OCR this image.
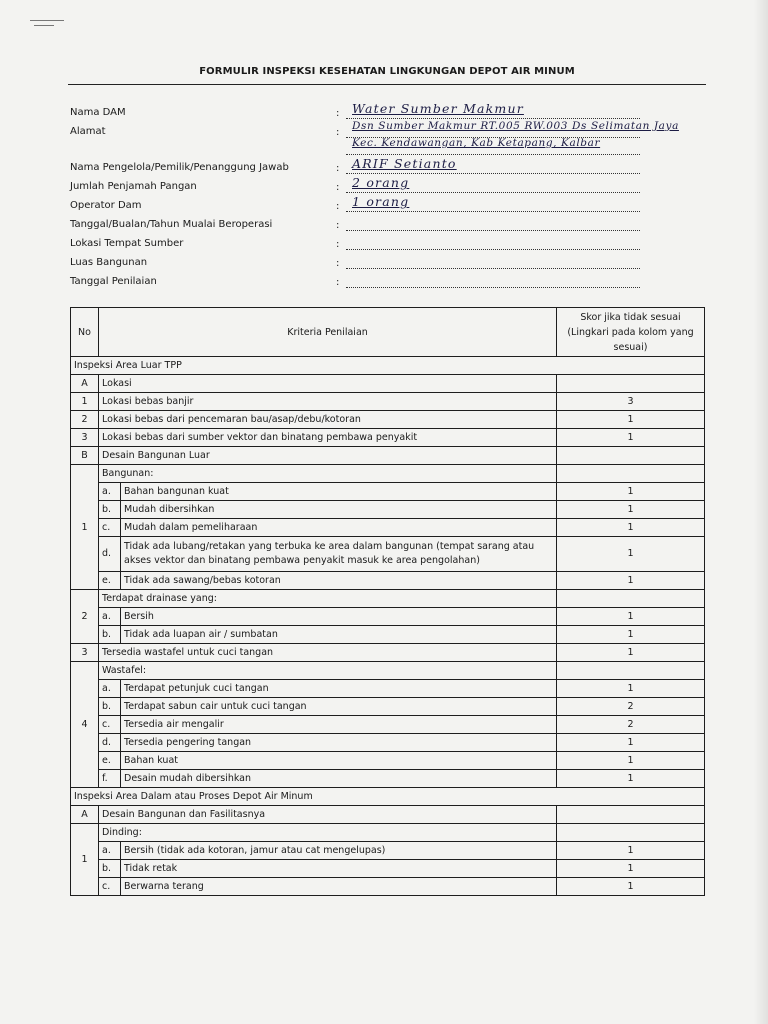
FORMULIR INSPEKSI KESEHATAN LINGKUNGAN DEPOT AIR MINUM
Nama DAM	: Water Sumber Makmur
Alamat	:
Dsn Sumber Makmur RT.005 RW.003 Ds Selimatan Jaya
Kec. Kendawangan, Kab Ketapang, Kalbar
Nama Pengelola/Pemilik/Penanggung Jawab	: ARIF Setianto
Jumlah Penjamah Pangan	: 2 orang
Operator Dam	: 1 orang
Tanggal/Bualan/Tahun Mualai Beroperasi	:
Lokasi Tempat Sumber	:
Luas Bangunan	:
Tanggal Penilaian	:
No	Kriteria Penilaian		Skor jika tidak sesuai (Lingkari pada kolom yang sesuai)
Inspeksi Area Luar TPP			
A	Lokasi		
1	Lokasi bebas banjir		3
2	Lokasi bebas dari pencemaran bau/asap/debu/kotoran		1
3	Lokasi bebas dari sumber vektor dan binatang pembawa penyakit		1
B	Desain Bangunan Luar		
1	Bangunan:		
	a.	Bahan bangunan kuat	1
	b.	Mudah dibersihkan	1
	c.	Mudah dalam pemeliharaan	1
	d.	Tidak ada lubang/retakan yang terbuka ke area dalam bangunan (tempat sarang atau akses vektor dan binatang pembawa penyakit masuk ke area pengolahan)	1
	e.	Tidak ada sawang/bebas kotoran	1
2	Terdapat drainase yang:		
	a.	Bersih	1
	b.	Tidak ada luapan air / sumbatan	1
3	Tersedia wastafel untuk cuci tangan		1
4	Wastafel:		
	a.	Terdapat petunjuk cuci tangan	1
	b.	Terdapat sabun cair untuk cuci tangan	2
	c.	Tersedia air mengalir	2
	d.	Tersedia pengering tangan	1
	e.	Bahan kuat	1
	f.	Desain mudah dibersihkan	1
Inspeksi Area Dalam atau Proses Depot Air Minum			
A	Desain Bangunan dan Fasilitasnya		
1	Dinding:		
	a.	Bersih (tidak ada kotoran, jamur atau cat mengelupas)	1
	b.	Tidak retak	1
	c.	Berwarna terang	1
